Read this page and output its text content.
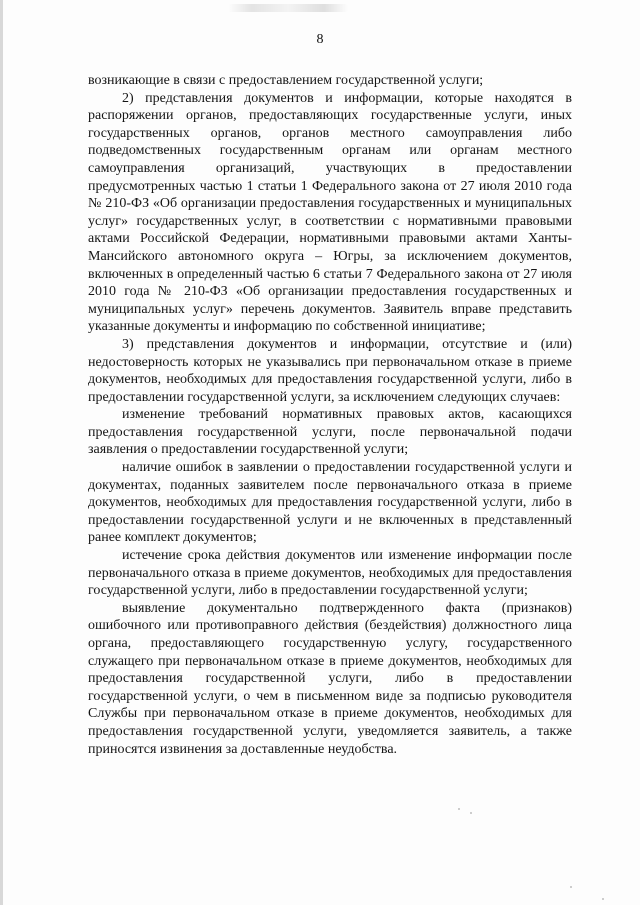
8

возникающие в связи с предоставлением государственной услуги;

2) представления документов и информации, которые находятся в распоряжении органов, предоставляющих государственные услуги, иных государственных органов, органов местного самоуправления либо подведомственных государственным органам или органам местного самоуправления организаций, участвующих в предоставлении предусмотренных частью 1 статьи 1 Федерального закона от 27 июля 2010 года № 210-ФЗ «Об организации предоставления государственных и муниципальных услуг» государственных услуг, в соответствии с нормативными правовыми актами Российской Федерации, нормативными правовыми актами Ханты-Мансийского автономного округа – Югры, за исключением документов, включенных в определенный частью 6 статьи 7 Федерального закона от 27 июля 2010 года № 210-ФЗ «Об организации предоставления государственных и муниципальных услуг» перечень документов. Заявитель вправе представить указанные документы и информацию по собственной инициативе;

3) представления документов и информации, отсутствие и (или) недостоверность которых не указывались при первоначальном отказе в приеме документов, необходимых для предоставления государственной услуги, либо в предоставлении государственной услуги, за исключением следующих случаев:

изменение требований нормативных правовых актов, касающихся предоставления государственной услуги, после первоначальной подачи заявления о предоставлении государственной услуги;

наличие ошибок в заявлении о предоставлении государственной услуги и документах, поданных заявителем после первоначального отказа в приеме документов, необходимых для предоставления государственной услуги, либо в предоставлении государственной услуги и не включенных в представленный ранее комплект документов;

истечение срока действия документов или изменение информации после первоначального отказа в приеме документов, необходимых для предоставления государственной услуги, либо в предоставлении государственной услуги;

выявление документально подтвержденного факта (признаков) ошибочного или противоправного действия (бездействия) должностного лица органа, предоставляющего государственную услугу, государственного служащего при первоначальном отказе в приеме документов, необходимых для предоставления государственной услуги, либо в предоставлении государственной услуги, о чем в письменном виде за подписью руководителя Службы при первоначальном отказе в приеме документов, необходимых для предоставления государственной услуги, уведомляется заявитель, а также приносятся извинения за доставленные неудобства.
